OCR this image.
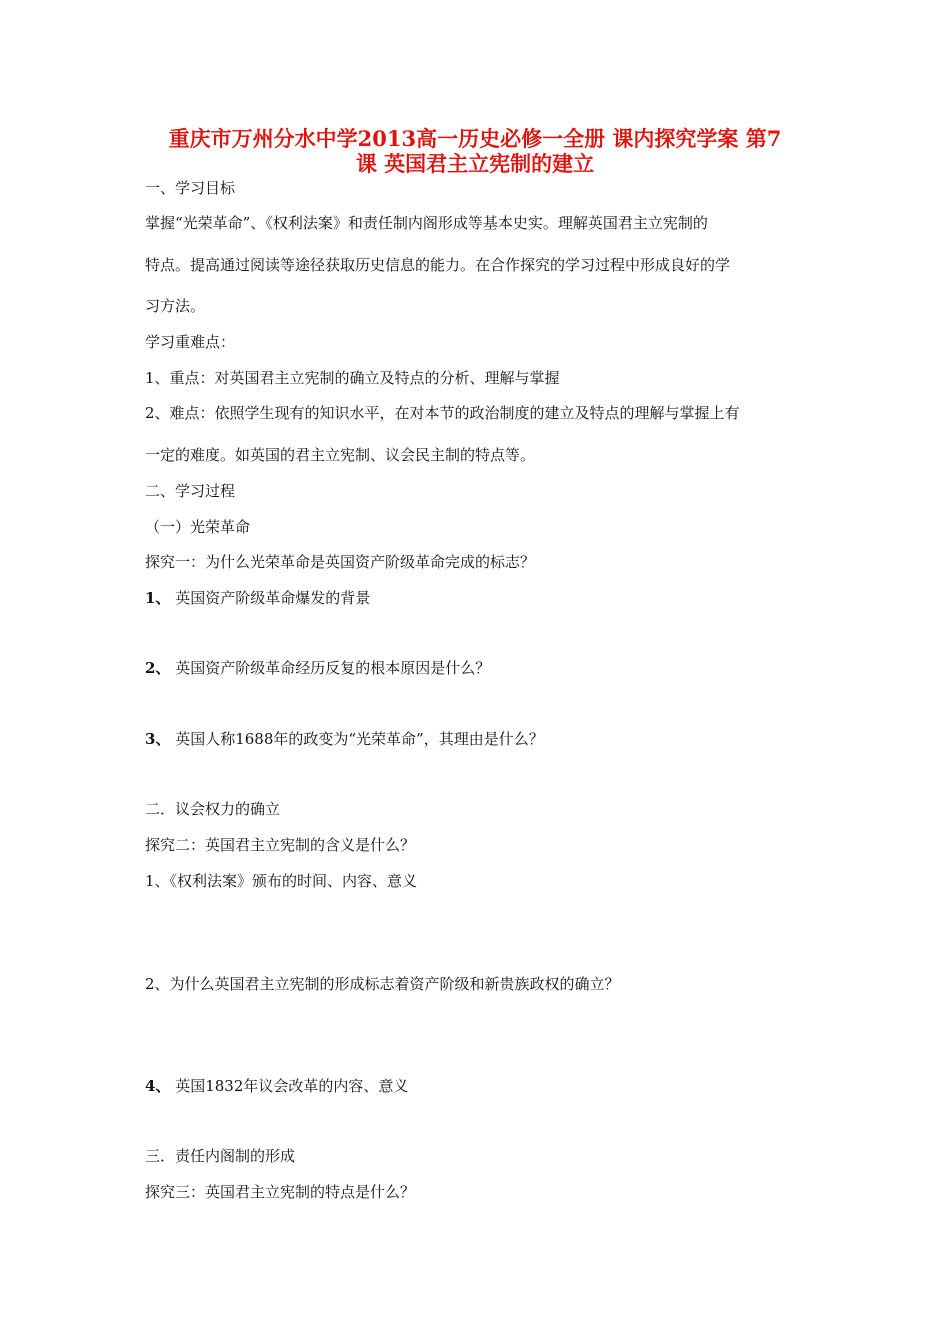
重庆市万州分水中学2013高一历史必修一全册 课内探究学案 第7
课 英国君主立宪制的建立

一、学习目标

掌握“光荣革命”、《权利法案》和责任制内阁形成等基本史实。理解英国君主立宪制的

特点。提高通过阅读等途径获取历史信息的能力。在合作探究的学习过程中形成良好的学

习方法。

学习重难点：

1、重点：对英国君主立宪制的确立及特点的分析、理解与掌握

2、难点：依照学生现有的知识水平，在对本节的政治制度的建立及特点的理解与掌握上有

一定的难度。如英国的君主立宪制、议会民主制的特点等。

二、学习过程

（一）光荣革命

探究一：为什么光荣革命是英国资产阶级革命完成的标志？

1、 英国资产阶级革命爆发的背景

2、 英国资产阶级革命经历反复的根本原因是什么？

3、 英国人称1688年的政变为“光荣革命”，其理由是什么？

二．议会权力的确立

探究二：英国君主立宪制的含义是什么？

1、《权利法案》颁布的时间、内容、意义

2、为什么英国君主立宪制的形成标志着资产阶级和新贵族政权的确立？

4、 英国1832年议会改革的内容、意义

三．责任内阁制的形成

探究三：英国君主立宪制的特点是什么？
